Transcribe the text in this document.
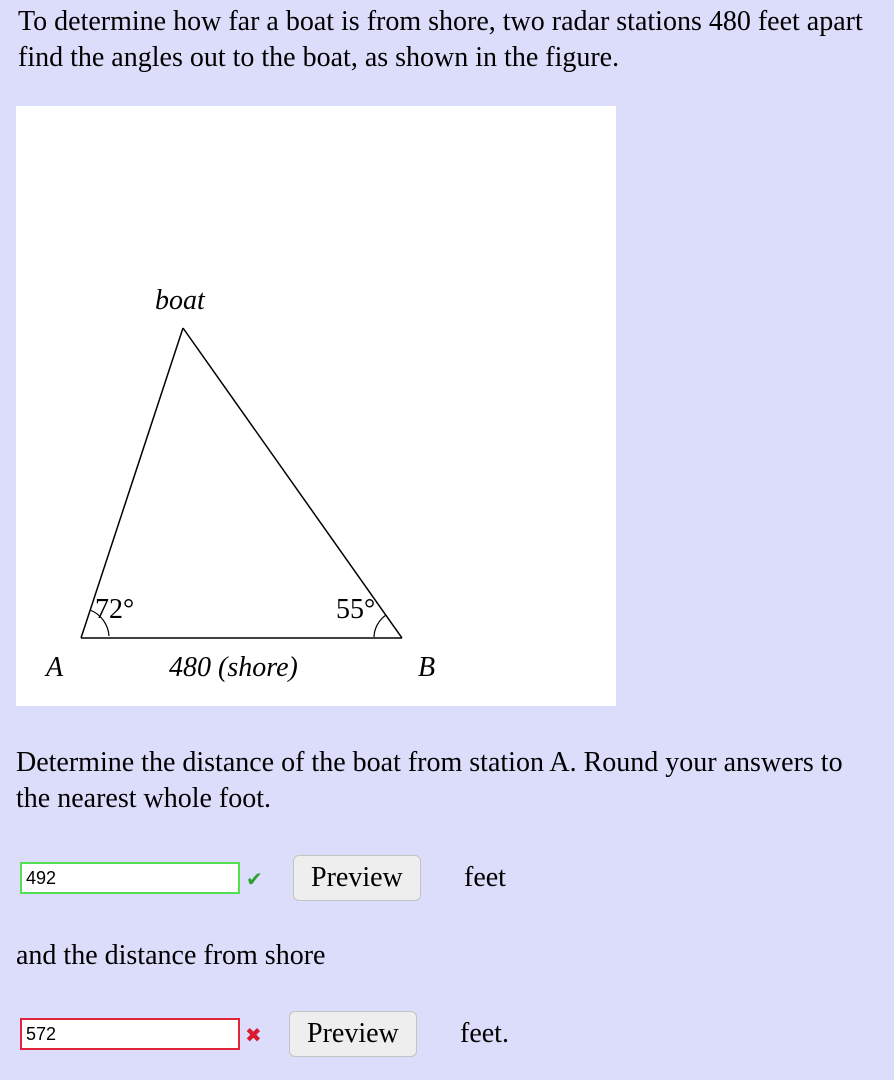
To determine how far a boat is from shore, two radar stations 480 feet apart find the angles out to the boat, as shown in the figure.
boat
72°	55°
A	480 (shore)	B
Determine the distance of the boat from station A. Round your answers to the nearest whole foot.
492
✔	Preview	feet
and the distance from shore
572
✖	Preview	feet.
